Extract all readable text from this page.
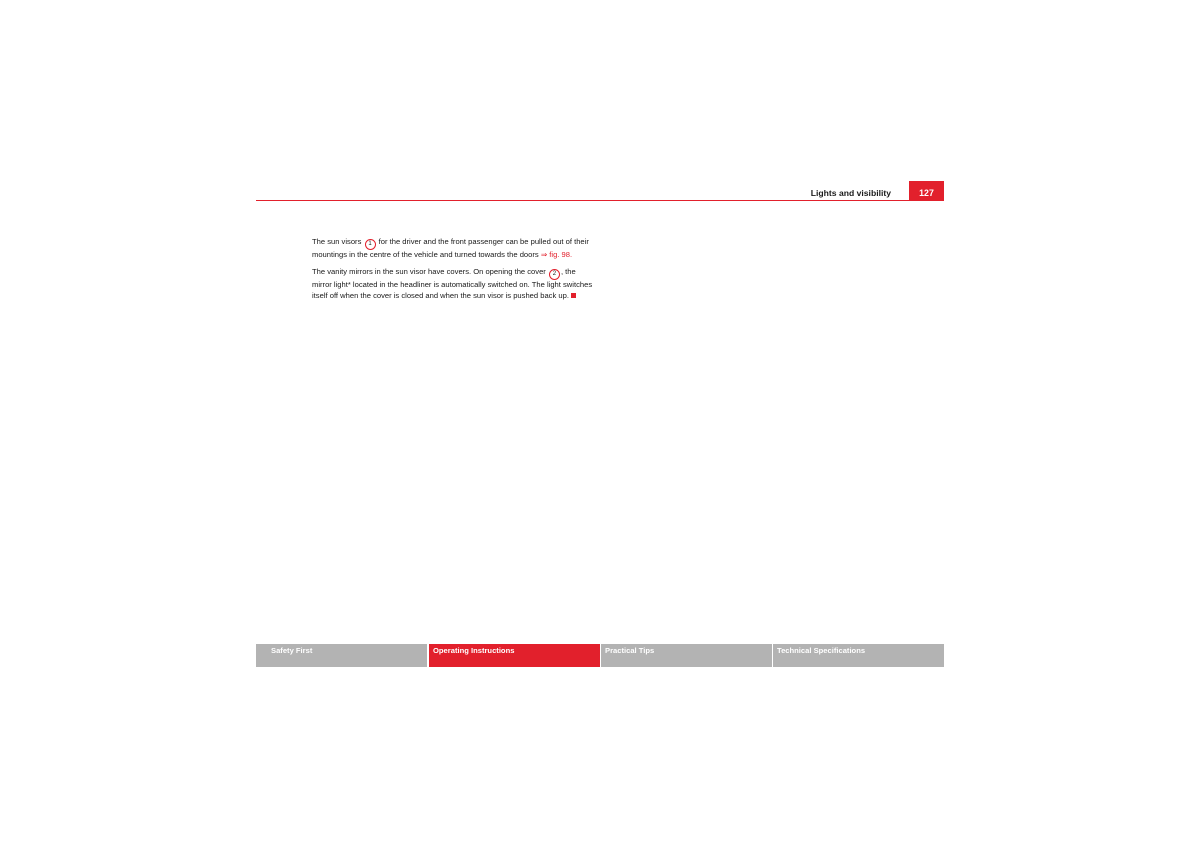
Lights and visibility	127

The sun visors 1 for the driver and the front passenger can be pulled out of their mountings in the centre of the vehicle and turned towards the doors ⇒ fig. 98.

The vanity mirrors in the sun visor have covers. On opening the cover 2 , the mirror light* located in the headliner is automatically switched on. The light switches itself off when the cover is closed and when the sun visor is pushed back up.

Safety First	Operating Instructions	Practical Tips	Technical Specifications
